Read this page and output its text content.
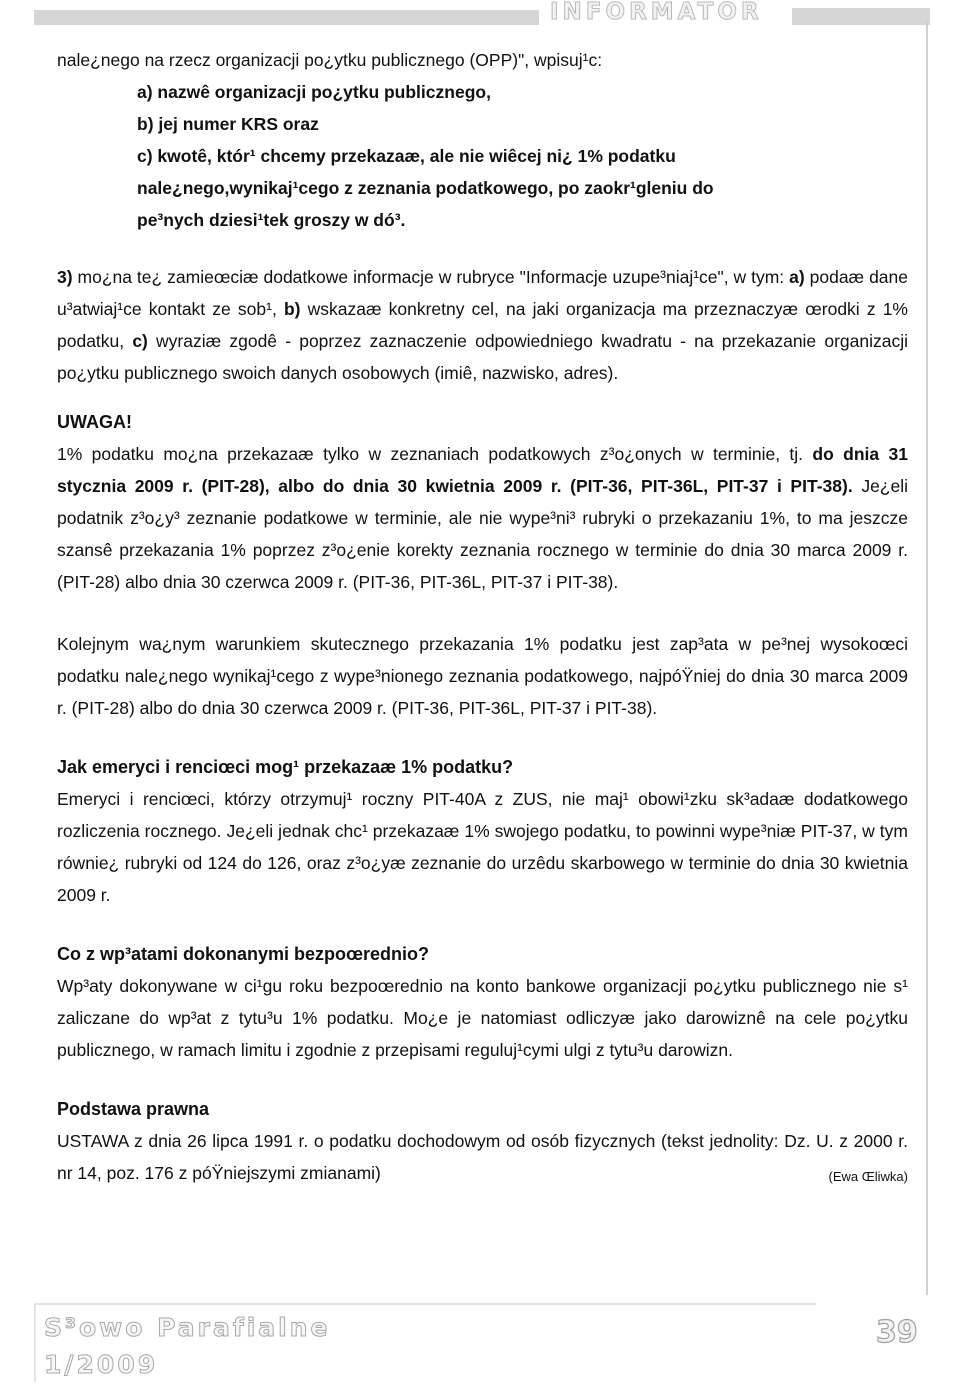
INFORMATOR

nale¿nego na rzecz organizacji po¿ytku publicznego (OPP)", wpisuj¹c:

a) nazwê organizacji po¿ytku publicznego,

b) jej numer KRS oraz

c) kwotê, któr¹ chcemy przekazaæ, ale nie wiêcej ni¿ 1% podatku

nale¿nego,wynikaj¹cego z zeznania podatkowego, po zaokr¹gleniu do

pe³nych dziesi¹tek groszy w dó³.

3) mo¿na te¿ zamieœciæ dodatkowe informacje w rubryce "Informacje uzupe³niaj¹ce", w tym: a) podaæ dane u³atwiaj¹ce kontakt ze sob¹, b) wskazaæ konkretny cel, na jaki organizacja ma przeznaczyæ œrodki z 1% podatku, c) wyraziæ zgodê - poprzez zaznaczenie odpowiedniego kwadratu - na przekazanie organizacji po¿ytku publicznego swoich danych osobowych (imiê, nazwisko, adres).

UWAGA!

1% podatku mo¿na przekazaæ tylko w zeznaniach podatkowych z³o¿onych w terminie, tj. do dnia 31 stycznia 2009 r. (PIT-28), albo do dnia 30 kwietnia 2009 r. (PIT-36, PIT-36L, PIT-37 i PIT-38). Je¿eli podatnik z³o¿y³ zeznanie podatkowe w terminie, ale nie wype³ni³ rubryki o przekazaniu 1%, to ma jeszcze szansê przekazania 1% poprzez z³o¿enie korekty zeznania rocznego w terminie do dnia 30 marca 2009 r. (PIT-28) albo dnia 30 czerwca 2009 r. (PIT-36, PIT-36L, PIT-37 i PIT-38).

Kolejnym wa¿nym warunkiem skutecznego przekazania 1% podatku jest zap³ata w pe³nej wysokoœci podatku nale¿nego wynikaj¹cego z wype³nionego zeznania podatkowego, najpóŸniej do dnia 30 marca 2009 r. (PIT-28) albo do dnia 30 czerwca 2009 r. (PIT-36, PIT-36L, PIT-37 i PIT-38).

Jak emeryci i renciœci mog¹ przekazaæ 1% podatku?

Emeryci i renciœci, którzy otrzymuj¹ roczny PIT-40A z ZUS, nie maj¹ obowi¹zku sk³adaæ dodatkowego rozliczenia rocznego. Je¿eli jednak chc¹ przekazaæ 1% swojego podatku, to powinni wype³niæ PIT-37, w tym równie¿ rubryki od 124 do 126, oraz z³o¿yæ zeznanie do urzêdu skarbowego w terminie do dnia 30 kwietnia 2009 r.

Co z wp³atami dokonanymi bezpoœrednio?

Wp³aty dokonywane w ci¹gu roku bezpoœrednio na konto bankowe organizacji po¿ytku publicznego nie s¹ zaliczane do wp³at z tytu³u 1% podatku. Mo¿e je natomiast odliczyæ jako darowiznê na cele po¿ytku publicznego, w ramach limitu i zgodnie z przepisami reguluj¹cymi ulgi z tytu³u darowizn.

Podstawa prawna

USTAWA z dnia 26 lipca 1991 r. o podatku dochodowym od osób fizycznych (tekst jednolity: Dz. U. z 2000 r. nr 14, poz. 176 z póŸniejszymi zmianami)	(Ewa Œliwka)

S³owo Parafialne
1/2009
39
